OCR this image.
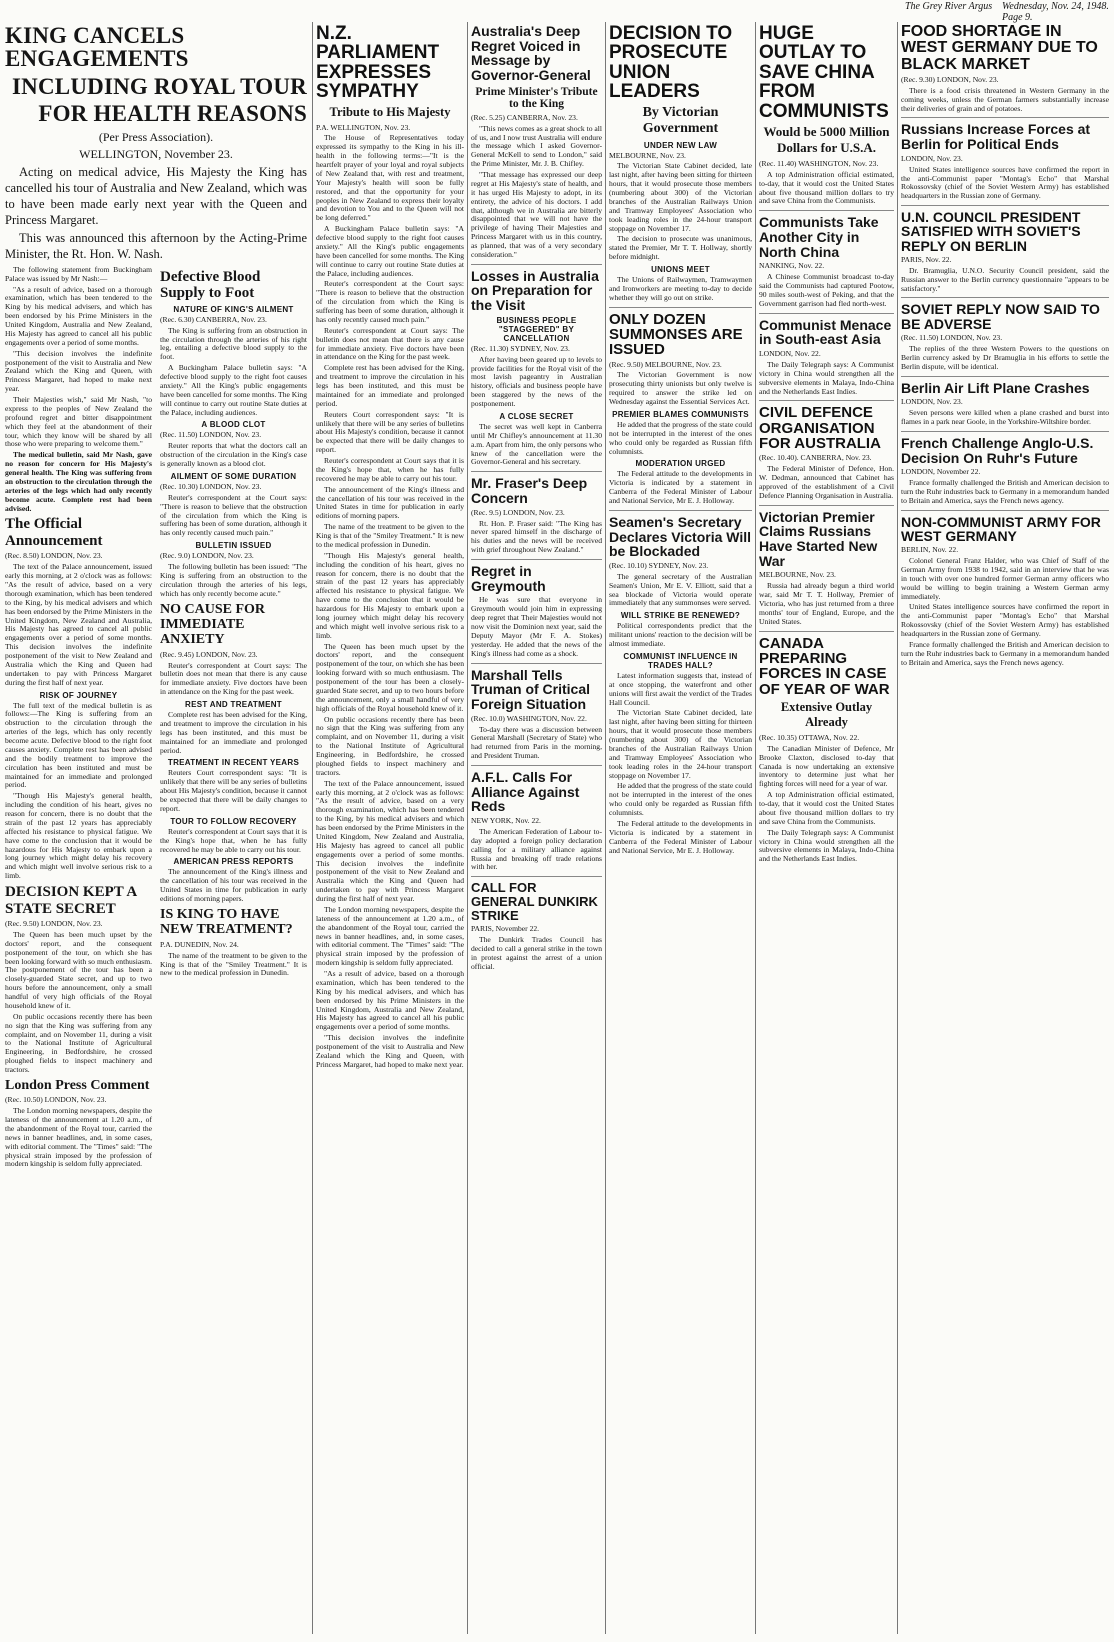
The Grey River Argus Wednesday, Nov. 24, 1948. Page 9.
KING CANCELS ENGAGEMENTS
INCLUDING ROYAL TOUR
FOR HEALTH REASONS
(Per Press Association).
WELLINGTON, November 23.
Acting on medical advice, His Majesty the King has cancelled his tour of Australia and New Zealand, which was to have been made early next year with the Queen and Princess Margaret.
This was announced this afternoon by the Acting-Prime Minister, the Rt. Hon. W. Nash.
The following statement from Buckingham Palace was issued by Mr Nash:—
"As a result of advice, based on a thorough examination, which has been tendered to the King by his medical advisers, and which has been endorsed by his Prime Ministers in the United Kingdom, Australia and New Zealand, His Majesty has agreed to cancel all his public engagements over a period of some months.
"This decision involves the indefinite postponement of the visit to Australia and New Zealand which the King and Queen, with Princess Margaret, had hoped to make next year.
Their Majesties wish," said Mr Nash, "to express to the peoples of New Zealand the profound regret and bitter disappointment which they feel at the abandonment of their tour, which they know will be shared by all those who were preparing to welcome them."
The medical bulletin, said Mr Nash, gave no reason for concern for His Majesty's general health. The King was suffering from an obstruction to the circulation through the arteries of the legs which had only recently become acute. Complete rest had been advised.
The Official Announcement
(Rec. 8.50) LONDON, Nov. 23.
The text of the Palace announcement, issued early this morning, at 2 o'clock was as follows: "As the result of advice, based on a very thorough examination, which has been tendered to the King, by his medical advisers and which has been endorsed by the Prime Ministers in the United Kingdom, New Zealand and Australia, His Majesty has agreed to cancel all public engagements over a period of some months. This decision involves the indefinite postponement of the visit to New Zealand and Australia which the King and Queen had undertaken to pay with Princess Margaret during the first half of next year.
RISK OF JOURNEY
The full text of the medical bulletin is as follows:—The King is suffering from an obstruction to the circulation through the arteries of the legs, which has only recently become acute. Defective blood to the right foot causes anxiety. Complete rest has been advised and the bodily treatment to improve the circulation has been instituted and must be maintained for an immediate and prolonged period.
"Though His Majesty's general health, including the condition of his heart, gives no reason for concern, there is no doubt that the strain of the past 12 years has appreciably affected his resistance to physical fatigue. We have come to the conclusion that it would be hazardous for His Majesty to embark upon a long journey which might delay his recovery and which might well involve serious risk to a limb.
DECISION KEPT A STATE SECRET
(Rec. 9.50) LONDON, Nov. 23.
The Queen has been much upset by the doctors' report, and the consequent postponement of the tour, on which she has been looking forward with so much enthusiasm. The postponement of the tour has been a closely-guarded State secret, and up to two hours before the announcement, only a small handful of very high officials of the Royal household knew of it.
On public occasions recently there has been no sign that the King was suffering from any complaint, and on November 11, during a visit to the National Institute of Agricultural Engineering, in Bedfordshire, he crossed ploughed fields to inspect machinery and tractors.
London Press Comment
(Rec. 10.50) LONDON, Nov. 23.
The London morning newspapers, despite the lateness of the announcement at 1.20 a.m., of the abandonment of the Royal tour, carried the news in banner headlines, and, in some cases, with editorial comment. The "Times" said: "The physical strain imposed by the profession of modern kingship is seldom fully appreciated.
Defective Blood Supply to Foot
NATURE OF KING'S AILMENT
(Rec. 6.30) CANBERRA, Nov. 23.
The King is suffering from an obstruction in the circulation through the arteries of his right leg, entailing a defective blood supply to the foot.
A Buckingham Palace bulletin says: "A defective blood supply to the right foot causes anxiety." All the King's public engagements have been cancelled for some months. The King will continue to carry out routine State duties at the Palace, including audiences.
A BLOOD CLOT
(Rec. 11.50) LONDON, Nov. 23.
Reuter reports that what the doctors call an obstruction of the circulation in the King's case is generally known as a blood clot.
AILMENT OF SOME DURATION
(Rec. 10.30) LONDON, Nov. 23.
Reuter's correspondent at the Court says: "There is reason to believe that the obstruction of the circulation from which the King is suffering has been of some duration, although it has only recently caused much pain."
BULLETIN ISSUED
(Rec. 9.0) LONDON, Nov. 23.
The following bulletin has been issued: "The King is suffering from an obstruction to the circulation through the arteries of his legs, which has only recently become acute."
NO CAUSE FOR IMMEDIATE ANXIETY
(Rec. 9.45) LONDON, Nov. 23.
Reuter's correspondent at Court says: The bulletin does not mean that there is any cause for immediate anxiety. Five doctors have been in attendance on the King for the past week.
REST AND TREATMENT
Complete rest has been advised for the King, and treatment to improve the circulation in his legs has been instituted, and this must be maintained for an immediate and prolonged period.
TREATMENT IN RECENT YEARS
Reuters Court correspondent says: "It is unlikely that there will be any series of bulletins about His Majesty's condition, because it cannot be expected that there will be daily changes to report.
TOUR TO FOLLOW RECOVERY
Reuter's correspondent at Court says that it is the King's hope that, when he has fully recovered he may be able to carry out his tour.
AMERICAN PRESS REPORTS
The announcement of the King's illness and the cancellation of his tour was received in the United States in time for publication in early editions of morning papers.
IS KING TO HAVE NEW TREATMENT?
P.A. DUNEDIN, Nov. 24.
The name of the treatment to be given to the King is that of the "Smiley Treatment." It is new to the medical profession in Dunedin.
N.Z. PARLIAMENT EXPRESSES SYMPATHY
Tribute to His Majesty
P.A. WELLINGTON, Nov. 23.
The House of Representatives today expressed its sympathy to the King in his ill-health in the following terms:—"It is the heartfelt prayer of your loyal and royal subjects of New Zealand that, with rest and treatment, Your Majesty's health will soon be fully restored, and that the opportunity for your peoples in New Zealand to express their loyalty and devotion to You and to the Queen will not be long deferred."
A Buckingham Palace bulletin says: "A defective blood supply to the right foot causes anxiety." All the King's public engagements have been cancelled for some months. The King will continue to carry out routine State duties at the Palace, including audiences.
Reuter's correspondent at the Court says: "There is reason to believe that the obstruction of the circulation from which the King is suffering has been of some duration, although it has only recently caused much pain."
Reuter's correspondent at Court says: The bulletin does not mean that there is any cause for immediate anxiety. Five doctors have been in attendance on the King for the past week.
Complete rest has been advised for the King, and treatment to improve the circulation in his legs has been instituted, and this must be maintained for an immediate and prolonged period.
Reuters Court correspondent says: "It is unlikely that there will be any series of bulletins about His Majesty's condition, because it cannot be expected that there will be daily changes to report.
Reuter's correspondent at Court says that it is the King's hope that, when he has fully recovered he may be able to carry out his tour.
The announcement of the King's illness and the cancellation of his tour was received in the United States in time for publication in early editions of morning papers.
The name of the treatment to be given to the King is that of the "Smiley Treatment." It is new to the medical profession in Dunedin.
"Though His Majesty's general health, including the condition of his heart, gives no reason for concern, there is no doubt that the strain of the past 12 years has appreciably affected his resistance to physical fatigue. We have come to the conclusion that it would be hazardous for His Majesty to embark upon a long journey which might delay his recovery and which might well involve serious risk to a limb.
The Queen has been much upset by the doctors' report, and the consequent postponement of the tour, on which she has been looking forward with so much enthusiasm. The postponement of the tour has been a closely-guarded State secret, and up to two hours before the announcement, only a small handful of very high officials of the Royal household knew of it.
On public occasions recently there has been no sign that the King was suffering from any complaint, and on November 11, during a visit to the National Institute of Agricultural Engineering, in Bedfordshire, he crossed ploughed fields to inspect machinery and tractors.
The text of the Palace announcement, issued early this morning, at 2 o'clock was as follows: "As the result of advice, based on a very thorough examination, which has been tendered to the King, by his medical advisers and which has been endorsed by the Prime Ministers in the United Kingdom, New Zealand and Australia, His Majesty has agreed to cancel all public engagements over a period of some months. This decision involves the indefinite postponement of the visit to New Zealand and Australia which the King and Queen had undertaken to pay with Princess Margaret during the first half of next year.
The London morning newspapers, despite the lateness of the announcement at 1.20 a.m., of the abandonment of the Royal tour, carried the news in banner headlines, and, in some cases, with editorial comment. The "Times" said: "The physical strain imposed by the profession of modern kingship is seldom fully appreciated.
"As a result of advice, based on a thorough examination, which has been tendered to the King by his medical advisers, and which has been endorsed by his Prime Ministers in the United Kingdom, Australia and New Zealand, His Majesty has agreed to cancel all his public engagements over a period of some months.
"This decision involves the indefinite postponement of the visit to Australia and New Zealand which the King and Queen, with Princess Margaret, had hoped to make next year.
Australia's Deep Regret Voiced in Message by Governor-General
Prime Minister's Tribute to the King
(Rec. 5.25) CANBERRA, Nov. 23.
"This news comes as a great shock to all of us, and I now trust Australia will endure the message which I asked Governor-General McKell to send to London," said the Prime Minister, Mr. J. B. Chifley.
"That message has expressed our deep regret at His Majesty's state of health, and it has urged His Majesty to adopt, in its entirety, the advice of his doctors. I add that, although we in Australia are bitterly disappointed that we will not have the privilege of having Their Majesties and Princess Margaret with us in this country, as planned, that was of a very secondary consideration."
Losses in Australia on Preparation for the Visit
BUSINESS PEOPLE "STAGGERED" BY CANCELLATION
(Rec. 11.30) SYDNEY, Nov. 23.
After having been geared up to levels to provide facilities for the Royal visit of the most lavish pageantry in Australian history, officials and business people have been staggered by the news of the postponement.
A CLOSE SECRET
The secret was well kept in Canberra until Mr Chifley's announcement at 11.30 a.m. Apart from him, the only persons who knew of the cancellation were the Governor-General and his secretary.
Mr. Fraser's Deep Concern
(Rec. 9.5) LONDON, Nov. 23.
Rt. Hon. P. Fraser said: "The King has never spared himself in the discharge of his duties and the news will be received with grief throughout New Zealand."
Regret in Greymouth
He was sure that everyone in Greymouth would join him in expressing deep regret that Their Majesties would not now visit the Dominion next year, said the Deputy Mayor (Mr F. A. Stokes) yesterday. He added that the news of the King's illness had come as a shock.
Marshall Tells Truman of Critical Foreign Situation
(Rec. 10.0) WASHINGTON, Nov. 22.
To-day there was a discussion between General Marshall (Secretary of State) who had returned from Paris in the morning, and President Truman.
A.F.L. Calls For Alliance Against Reds
NEW YORK, Nov. 22.
The American Federation of Labour to-day adopted a foreign policy declaration calling for a military alliance against Russia and breaking off trade relations with her.
CALL FOR GENERAL DUNKIRK STRIKE
PARIS, November 22.
The Dunkirk Trades Council has decided to call a general strike in the town in protest against the arrest of a union official.
DECISION TO PROSECUTE UNION LEADERS
By Victorian Government
UNDER NEW LAW
MELBOURNE, Nov. 23.
The Victorian State Cabinet decided, late last night, after having been sitting for thirteen hours, that it would prosecute those members (numbering about 300) of the Victorian branches of the Australian Railways Union and Tramway Employees' Association who took leading roles in the 24-hour transport stoppage on November 17.
The decision to prosecute was unanimous, stated the Premier, Mr T. T. Hollway, shortly before midnight.
UNIONS MEET
The Unions of Railwaymen, Tramwaymen and Ironworkers are meeting to-day to decide whether they will go out on strike.
ONLY DOZEN SUMMONSES ARE ISSUED
(Rec. 9.50) MELBOURNE, Nov. 23.
The Victorian Government is now prosecuting thirty unionists but only twelve is required to answer the strike led on Wednesday against the Essential Services Act.
PREMIER BLAMES COMMUNISTS
He added that the progress of the state could not be interrupted in the interest of the ones who could only be regarded as Russian fifth columnists.
MODERATION URGED
The Federal attitude to the developments in Victoria is indicated by a statement in Canberra of the Federal Minister of Labour and National Service, Mr E. J. Holloway.
Seamen's Secretary Declares Victoria Will be Blockaded
(Rec. 10.10) SYDNEY, Nov. 23.
The general secretary of the Australian Seamen's Union, Mr E. V. Elliott, said that a sea blockade of Victoria would operate immediately that any summonses were served.
WILL STRIKE BE RENEWED?
Political correspondents predict that the militant unions' reaction to the decision will be almost immediate.
COMMUNIST INFLUENCE IN TRADES HALL?
Latest information suggests that, instead of at once stopping, the waterfront and other unions will first await the verdict of the Trades Hall Council.
The Victorian State Cabinet decided, late last night, after having been sitting for thirteen hours, that it would prosecute those members (numbering about 300) of the Victorian branches of the Australian Railways Union and Tramway Employees' Association who took leading roles in the 24-hour transport stoppage on November 17.
He added that the progress of the state could not be interrupted in the interest of the ones who could only be regarded as Russian fifth columnists.
The Federal attitude to the developments in Victoria is indicated by a statement in Canberra of the Federal Minister of Labour and National Service, Mr E. J. Holloway.
HUGE OUTLAY TO SAVE CHINA FROM COMMUNISTS
Would be 5000 Million Dollars for U.S.A.
(Rec. 11.40) WASHINGTON, Nov. 23.
A top Administration official estimated, to-day, that it would cost the United States about five thousand million dollars to try and save China from the Communists.
Communists Take Another City in North China
NANKING, Nov. 22.
A Chinese Communist broadcast to-day said the Communists had captured Pootow, 90 miles south-west of Peking, and that the Government garrison had fled north-west.
Communist Menace in South-east Asia
LONDON, Nov. 22.
The Daily Telegraph says: A Communist victory in China would strengthen all the subversive elements in Malaya, Indo-China and the Netherlands East Indies.
CIVIL DEFENCE ORGANISATION FOR AUSTRALIA
(Rec. 10.40). CANBERRA, Nov. 23.
The Federal Minister of Defence, Hon. W. Dedman, announced that Cabinet has approved of the establishment of a Civil Defence Planning Organisation in Australia.
Victorian Premier Claims Russians Have Started New War
MELBOURNE, Nov. 23.
Russia had already begun a third world war, said Mr T. T. Hollway, Premier of Victoria, who has just returned from a three months' tour of England, Europe, and the United States.
CANADA PREPARING FORCES IN CASE OF YEAR OF WAR
Extensive Outlay Already
(Rec. 10.35) OTTAWA, Nov. 22.
The Canadian Minister of Defence, Mr Brooke Claxton, disclosed to-day that Canada is now undertaking an extensive inventory to determine just what her fighting forces will need for a year of war.
A top Administration official estimated, to-day, that it would cost the United States about five thousand million dollars to try and save China from the Communists.
The Daily Telegraph says: A Communist victory in China would strengthen all the subversive elements in Malaya, Indo-China and the Netherlands East Indies.
FOOD SHORTAGE IN WEST GERMANY DUE TO BLACK MARKET
(Rec. 9.30) LONDON, Nov. 23.
There is a food crisis threatened in Western Germany in the coming weeks, unless the German farmers substantially increase their deliveries of grain and of potatoes.
Russians Increase Forces at Berlin for Political Ends
LONDON, Nov. 23.
United States intelligence sources have confirmed the report in the anti-Communist paper "Montag's Echo" that Marshal Rokossovsky (chief of the Soviet Western Army) has established headquarters in the Russian zone of Germany.
U.N. COUNCIL PRESIDENT SATISFIED WITH SOVIET'S REPLY ON BERLIN
PARIS, Nov. 22.
Dr. Bramuglia, U.N.O. Security Council president, said the Russian answer to the Berlin currency questionnaire "appears to be satisfactory."
SOVIET REPLY NOW SAID TO BE ADVERSE
(Rec. 11.50) LONDON, Nov. 23.
The replies of the three Western Powers to the questions on Berlin currency asked by Dr Bramuglia in his efforts to settle the Berlin dispute, will be identical.
Berlin Air Lift Plane Crashes
LONDON, Nov. 23.
Seven persons were killed when a plane crashed and burst into flames in a park near Goole, in the Yorkshire-Wiltshire border.
French Challenge Anglo-U.S. Decision On Ruhr's Future
LONDON, November 22.
France formally challenged the British and American decision to turn the Ruhr industries back to Germany in a memorandum handed to Britain and America, says the French news agency.
NON-COMMUNIST ARMY FOR WEST GERMANY
BERLIN, Nov. 22.
Colonel General Franz Halder, who was Chief of Staff of the German Army from 1938 to 1942, said in an interview that he was in touch with over one hundred former German army officers who would be willing to begin training a Western German army immediately.
United States intelligence sources have confirmed the report in the anti-Communist paper "Montag's Echo" that Marshal Rokossovsky (chief of the Soviet Western Army) has established headquarters in the Russian zone of Germany.
France formally challenged the British and American decision to turn the Ruhr industries back to Germany in a memorandum handed to Britain and America, says the French news agency.
